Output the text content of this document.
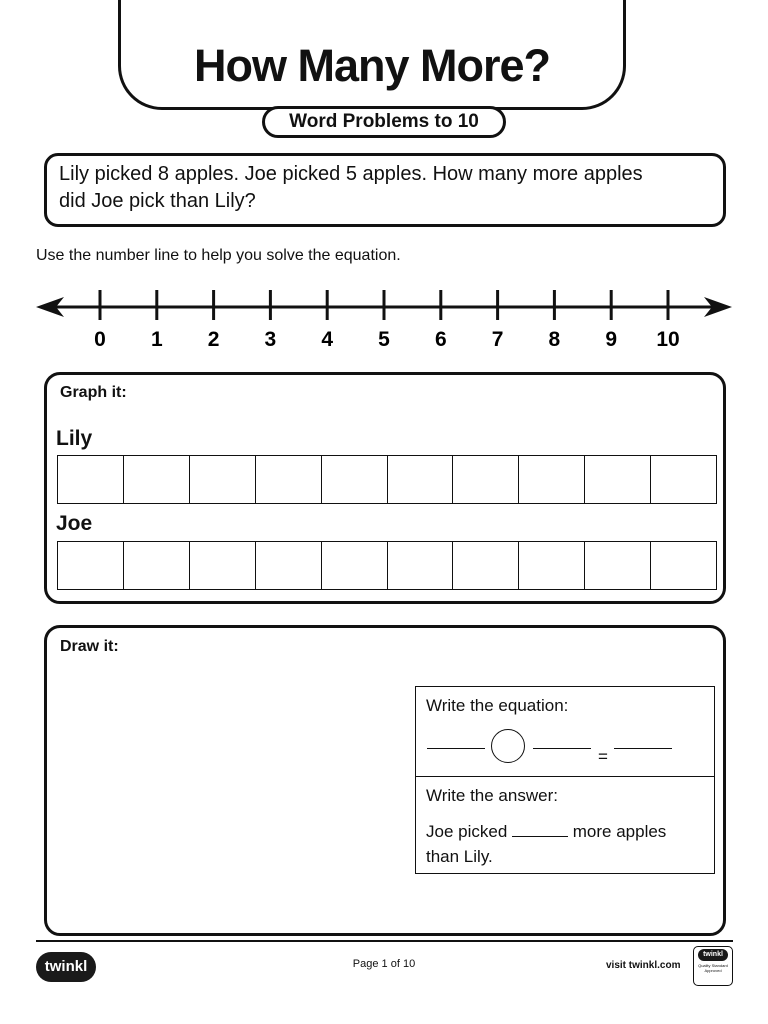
How Many More?
Word Problems to 10
Lily picked 8 apples. Joe picked 5 apples. How many more apples
did Joe pick than Lily?
Use the number line to help you solve the equation.
0 1 2 3 4 5 6 7 8 9 10
Graph it:
Lily
Joe
Draw it:
Write the equation:
=
Write the answer:
Joe picked	more apples
than Lily.
twinkl	Page 1 of 10	visit twinkl.com
twinkl
Quality Standard
Approved
